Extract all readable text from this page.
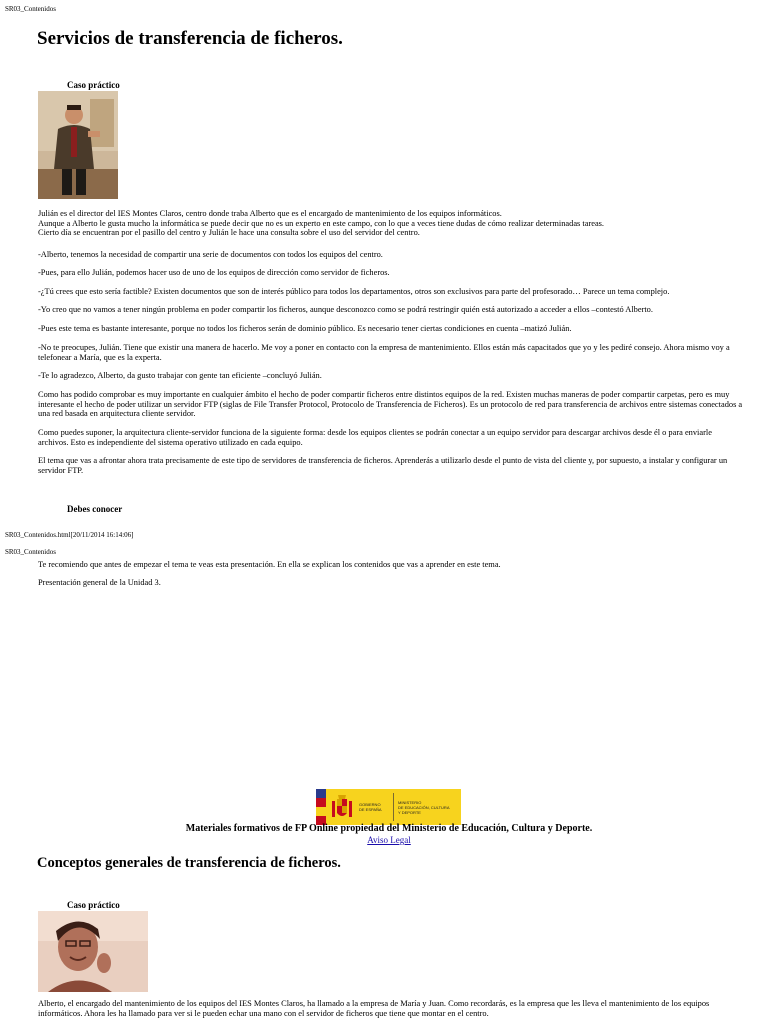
SR03_Contenidos
Servicios de transferencia de ficheros.
Caso práctico
Julián es el director del IES Montes Claros, centro donde traba Alberto que es el encargado de mantenimiento de los equipos informáticos.
Aunque a Alberto le gusta mucho la informática se puede decir que no es un experto en este campo, con lo que a veces tiene dudas de cómo realizar determinadas tareas.
Cierto día se encuentran por el pasillo del centro y Julián le hace una consulta sobre el uso del servidor del centro.
-Alberto, tenemos la necesidad de compartir una serie de documentos con todos los equipos del centro.
-Pues, para ello Julián, podemos hacer uso de uno de los equipos de dirección como servidor de ficheros.
-¿Tú crees que esto sería factible? Existen documentos que son de interés público para todos los departamentos, otros son exclusivos para parte del profesorado… Parece un tema complejo.
-Yo creo que no vamos a tener ningún problema en poder compartir los ficheros, aunque desconozco como se podrá restringir quién está autorizado a acceder a ellos –contestó Alberto.
-Pues este tema es bastante interesante, porque no todos los ficheros serán de dominio público. Es necesario tener ciertas condiciones en cuenta –matizó Julián.
-No te preocupes, Julián. Tiene que existir una manera de hacerlo. Me voy a poner en contacto con la empresa de mantenimiento. Ellos están más capacitados que yo y les pediré consejo. Ahora mismo voy a telefonear a María, que es la experta.
-Te lo agradezco, Alberto, da gusto trabajar con gente tan eficiente –concluyó Julián.
Como has podido comprobar es muy importante en cualquier ámbito el hecho de poder compartir ficheros entre distintos equipos de la red. Existen muchas maneras de poder compartir carpetas, pero es muy interesante el hecho de poder utilizar un servidor FTP (siglas de File Transfer Protocol, Protocolo de Transferencia de Ficheros). Es un protocolo de red para transferencia de archivos entre sistemas conectados a una red basada en arquitectura cliente servidor.
Como puedes suponer, la arquitectura cliente-servidor funciona de la siguiente forma: desde los equipos clientes se podrán conectar a un equipo servidor para descargar archivos desde él o para enviarle archivos. Esto es independiente del sistema operativo utilizado en cada equipo.
El tema que vas a afrontar ahora trata precisamente de este tipo de servidores de transferencia de ficheros. Aprenderás a utilizarlo desde el punto de vista del cliente y, por supuesto, a instalar y configurar un servidor FTP.
Debes conocer
SR03_Contenidos.html[20/11/2014 16:14:06]
SR03_Contenidos
Te recomiendo que antes de empezar el tema te veas esta presentación. En ella se explican los contenidos que vas a aprender en este tema.
Presentación general de la Unidad 3.
GOBIERNO
DE ESPAÑA
MINISTERIO
DE EDUCACIÓN, CULTURA
Y DEPORTE
Materiales formativos de FP Online propiedad del Ministerio de Educación, Cultura y Deporte.
Aviso Legal
Conceptos generales de transferencia de ficheros.
Caso práctico
Alberto, el encargado del mantenimiento de los equipos del IES Montes Claros, ha llamado a la empresa de María y Juan. Como recordarás, es la empresa que les lleva el mantenimiento de los equipos informáticos. Ahora les ha llamado para ver si le pueden echar una mano con el servidor de ficheros que tiene que montar en el centro.
